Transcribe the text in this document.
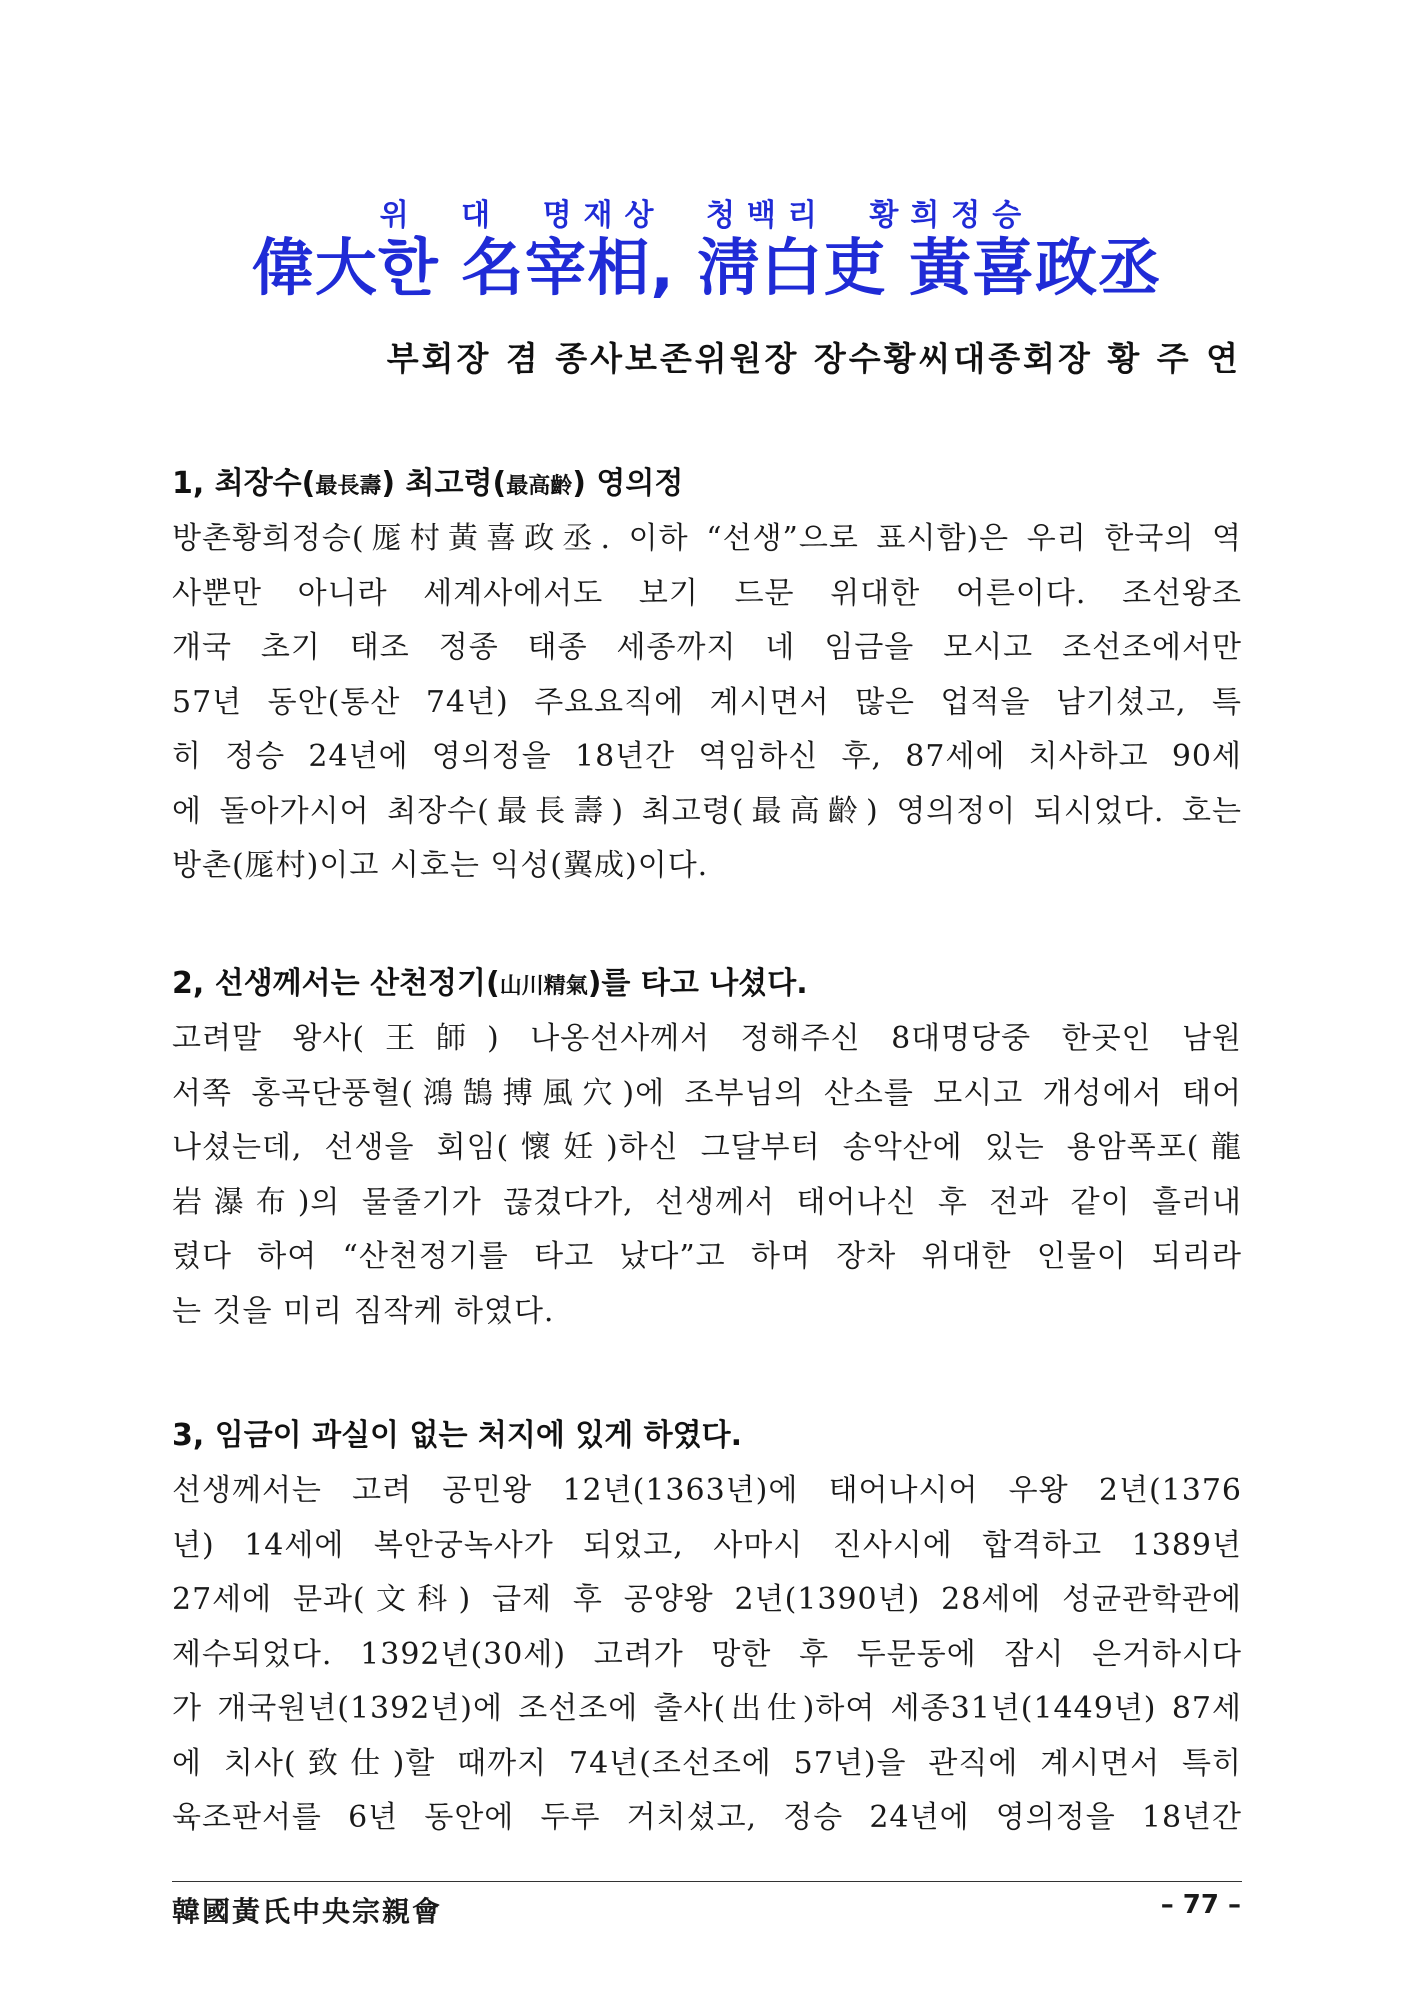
위 대 명재상 청백리 황희정승
偉大한 名宰相, 淸白吏 黃喜政丞
부회장 겸 종사보존위원장 장수황씨대종회장 황 주 연
1, 최장수(最長壽) 최고령(最高齡) 영의정

방촌황희정승(厖村黃喜政丞. 이하 “선생”으로 표시함)은 우리 한국의 역
사뿐만 아니라 세계사에서도 보기 드문 위대한 어른이다. 조선왕조
개국 초기 태조 정종 태종 세종까지 네 임금을 모시고 조선조에서만
57년 동안(통산 74년) 주요요직에 계시면서 많은 업적을 남기셨고, 특
히 정승 24년에 영의정을 18년간 역임하신 후, 87세에 치사하고 90세
에 돌아가시어 최장수(最長壽) 최고령(最高齡) 영의정이 되시었다. 호는
방촌(厖村)이고 시호는 익성(翼成)이다.

2, 선생께서는 산천정기(山川精氣)를 타고 나셨다.

고려말 왕사(王師) 나옹선사께서 정해주신 8대명당중 한곳인 남원
서쪽 홍곡단풍혈(鴻鵠搏風穴)에 조부님의 산소를 모시고 개성에서 태어
나셨는데, 선생을 회임(懷妊)하신 그달부터 송악산에 있는 용암폭포(龍
岩瀑布)의 물줄기가 끊겼다가, 선생께서 태어나신 후 전과 같이 흘러내
렸다 하여 “산천정기를 타고 났다”고 하며 장차 위대한 인물이 되리라
는 것을 미리 짐작케 하였다.

3, 임금이 과실이 없는 처지에 있게 하였다.

선생께서는 고려 공민왕 12년(1363년)에 태어나시어 우왕 2년(1376
년) 14세에 복안궁녹사가 되었고, 사마시 진사시에 합격하고 1389년
27세에 문과(文科) 급제 후 공양왕 2년(1390년) 28세에 성균관학관에
제수되었다. 1392년(30세) 고려가 망한 후 두문동에 잠시 은거하시다
가 개국원년(1392년)에 조선조에 출사(出仕)하여 세종31년(1449년) 87세
에 치사(致仕)할 때까지 74년(조선조에 57년)을 관직에 계시면서 특히
육조판서를 6년 동안에 두루 거치셨고, 정승 24년에 영의정을 18년간

韓國黃氏中央宗親會	– 77 –
